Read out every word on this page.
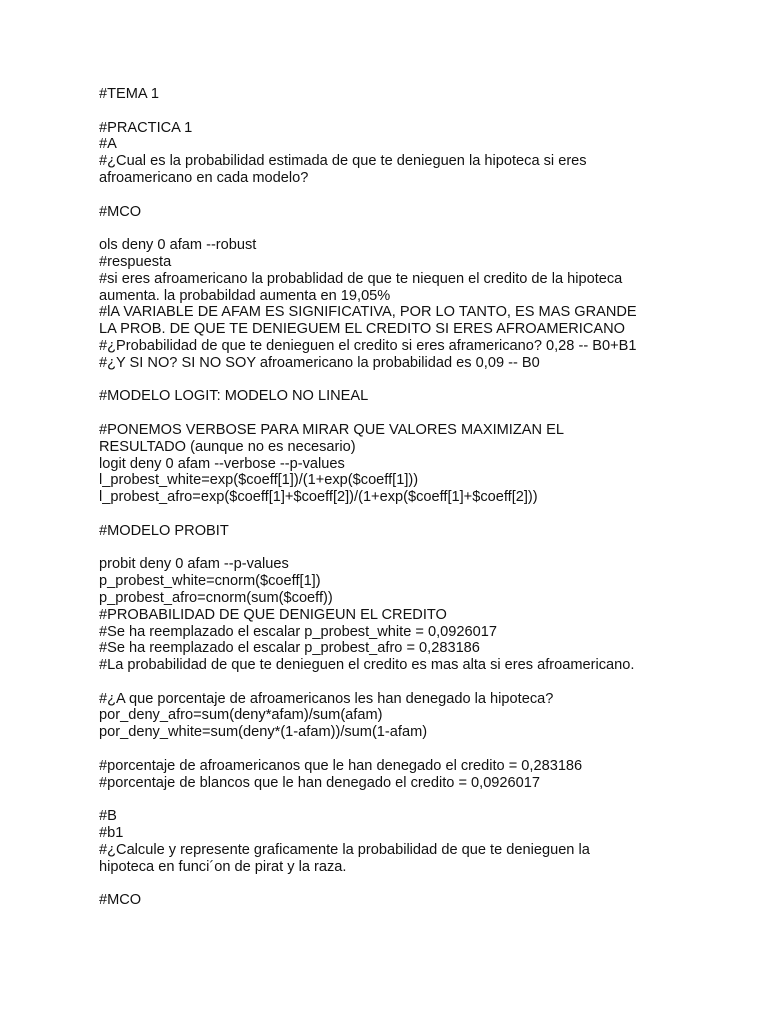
#TEMA 1
#PRACTICA 1
#A
#¿Cual es la probabilidad estimada de que te denieguen la hipoteca si eres
afroamericano en cada modelo?
#MCO
ols deny 0 afam --robust
#respuesta
#si eres afroamericano la probablidad de que te niequen el credito de la hipoteca
aumenta. la probabildad aumenta en 19,05%
#lA VARIABLE DE AFAM ES SIGNIFICATIVA, POR LO TANTO, ES MAS GRANDE
LA PROB. DE QUE TE DENIEGUEM EL CREDITO SI ERES AFROAMERICANO
#¿Probabilidad de que te denieguen el credito si eres aframericano? 0,28 -- B0+B1
#¿Y SI NO? SI NO SOY afroamericano la probabilidad es 0,09 -- B0
#MODELO LOGIT: MODELO NO LINEAL
#PONEMOS VERBOSE PARA MIRAR QUE VALORES MAXIMIZAN EL
RESULTADO (aunque no es necesario)
logit deny 0 afam --verbose --p-values
l_probest_white=exp($coeff[1])/(1+exp($coeff[1]))
l_probest_afro=exp($coeff[1]+$coeff[2])/(1+exp($coeff[1]+$coeff[2]))
#MODELO PROBIT
probit deny 0 afam --p-values
p_probest_white=cnorm($coeff[1])
p_probest_afro=cnorm(sum($coeff))
#PROBABILIDAD DE QUE DENIGEUN EL CREDITO
#Se ha reemplazado el escalar p_probest_white = 0,0926017
#Se ha reemplazado el escalar p_probest_afro = 0,283186
#La probabilidad de que te denieguen el credito es mas alta si eres afroamericano.
#¿A que porcentaje de afroamericanos les han denegado la hipoteca?
por_deny_afro=sum(deny*afam)/sum(afam)
por_deny_white=sum(deny*(1-afam))/sum(1-afam)
#porcentaje de afroamericanos que le han denegado el credito = 0,283186
#porcentaje de blancos que le han denegado el credito = 0,0926017
#B
#b1
#¿Calcule y represente graficamente la probabilidad de que te denieguen la
hipoteca en funci´on de pirat y la raza.
#MCO
